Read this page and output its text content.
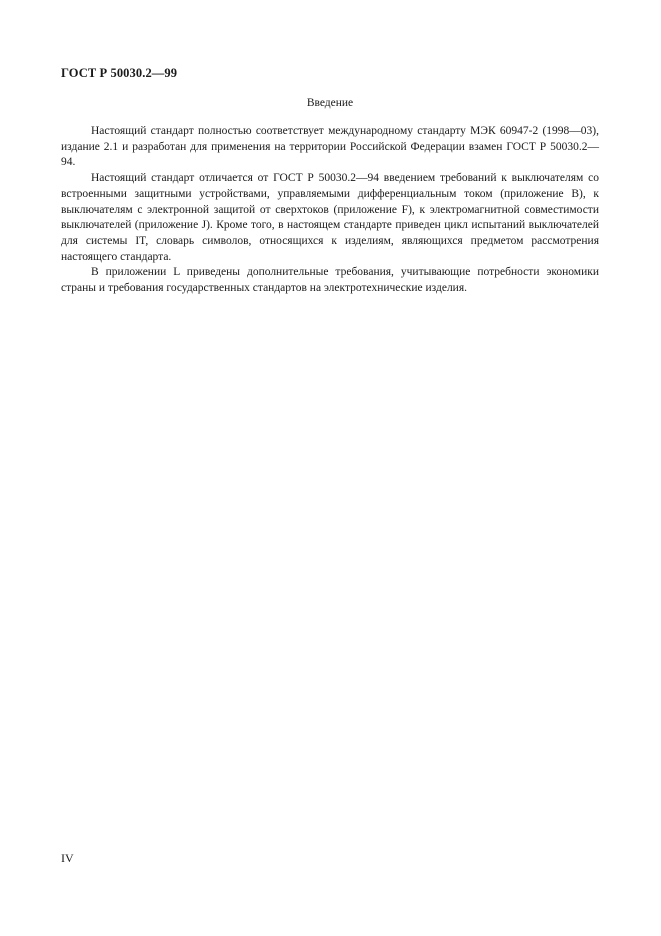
ГОСТ Р 50030.2—99
Введение

Настоящий стандарт полностью соответствует международному стандарту МЭК 60947-2 (1998—03), издание 2.1 и разработан для применения на территории Российской Федерации взамен ГОСТ Р 50030.2—94.

Настоящий стандарт отличается от ГОСТ Р 50030.2—94 введением требований к выключателям со встроенными защитными устройствами, управляемыми дифференциальным током (приложение В), к выключателям с электронной защитой от сверхтоков (приложение F), к электромагнитной совместимости выключателей (приложение J). Кроме того, в настоящем стандарте приведен цикл испытаний выключателей для системы IT, словарь символов, относящихся к изделиям, являющихся предметом рассмотрения настоящего стандарта.

В приложении L приведены дополнительные требования, учитывающие потребности экономики страны и требования государственных стандартов на электротехнические изделия.

IV
